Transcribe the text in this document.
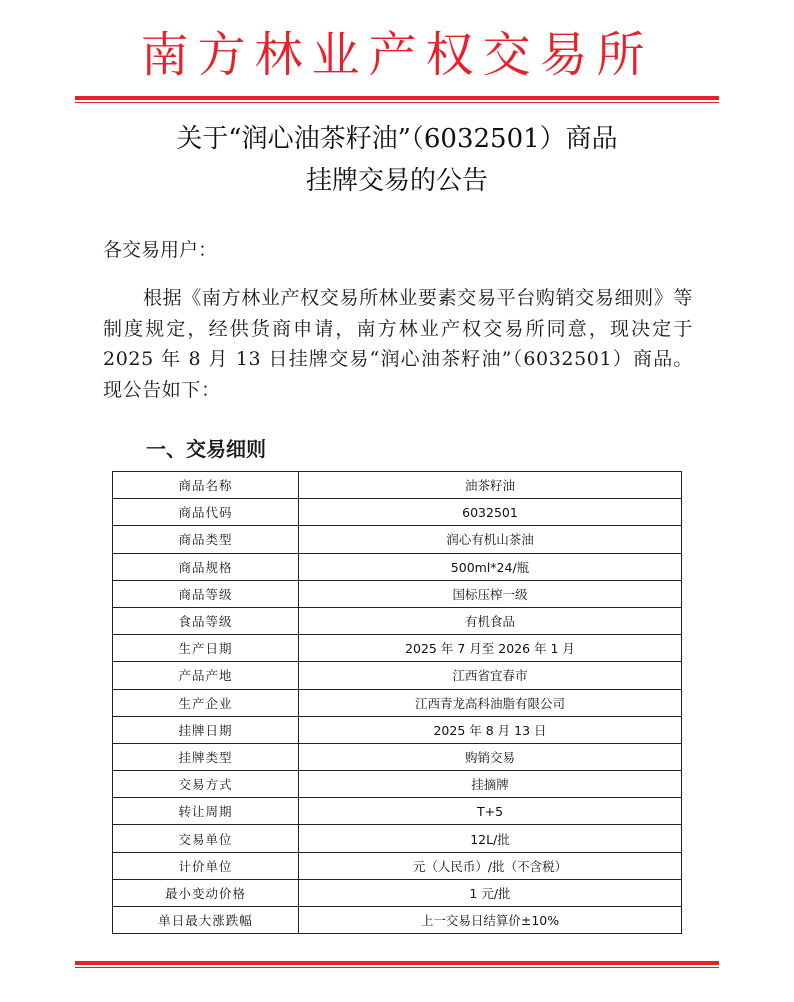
南方林业产权交易所
关于“润心油茶籽油”（6032501）商品
挂牌交易的公告

各交易用户：

根据《南方林业产权交易所林业要素交易平台购销交易细则》等制度规定，经供货商申请，南方林业产权交易所同意，现决定于 2025 年 8 月 13 日挂牌交易“润心油茶籽油”（6032501）商品。现公告如下：

一、交易细则
商品名称	油茶籽油
商品代码	6032501
商品类型	润心有机山茶油
商品规格	500ml*24/瓶
商品等级	国标压榨一级
食品等级	有机食品
生产日期	2025 年 7 月至 2026 年 1 月
产品产地	江西省宜春市
生产企业	江西青龙高科油脂有限公司
挂牌日期	2025 年 8 月 13 日
挂牌类型	购销交易
交易方式	挂摘牌
转让周期	T+5
交易单位	12L/批
计价单位	元（人民币）/批（不含税）
最小变动价格	1 元/批
单日最大涨跌幅	上一交易日结算价±10%
